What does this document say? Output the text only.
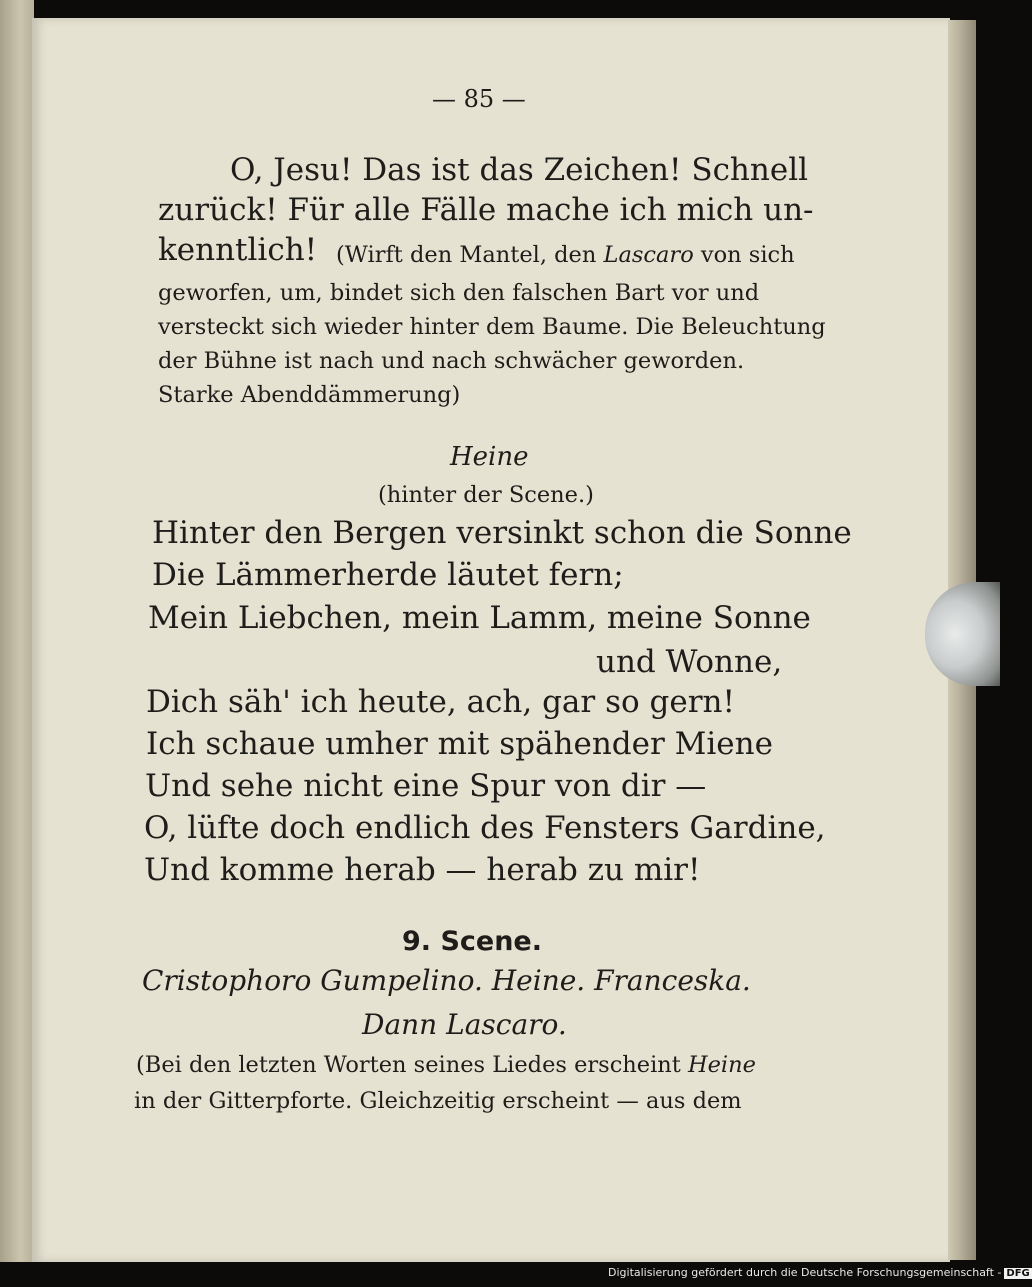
— 85 —
O, Jesu! Das ist das Zeichen! Schnell
zurück! Für alle Fälle mache ich mich un-
kenntlich! (Wirft den Mantel, den Lascaro von sich
geworfen, um, bindet sich den falschen Bart vor und
versteckt sich wieder hinter dem Baume. Die Beleuchtung
der Bühne ist nach und nach schwächer geworden.
Starke Abenddämmerung)
Heine
(hinter der Scene.)
Hinter den Bergen versinkt schon die Sonne
Die Lämmerherde läutet fern;
Mein Liebchen, mein Lamm, meine Sonne
und Wonne,
Dich säh' ich heute, ach, gar so gern!
Ich schaue umher mit spähender Miene
Und sehe nicht eine Spur von dir —
O, lüfte doch endlich des Fensters Gardine,
Und komme herab — herab zu mir!
9. Scene.
Cristophoro Gumpelino. Heine. Franceska.
Dann Lascaro.
(Bei den letzten Worten seines Liedes erscheint Heine
in der Gitterpforte. Gleichzeitig erscheint — aus dem
Digitalisierung gefördert durch die Deutsche Forschungsgemeinschaft - DFG
